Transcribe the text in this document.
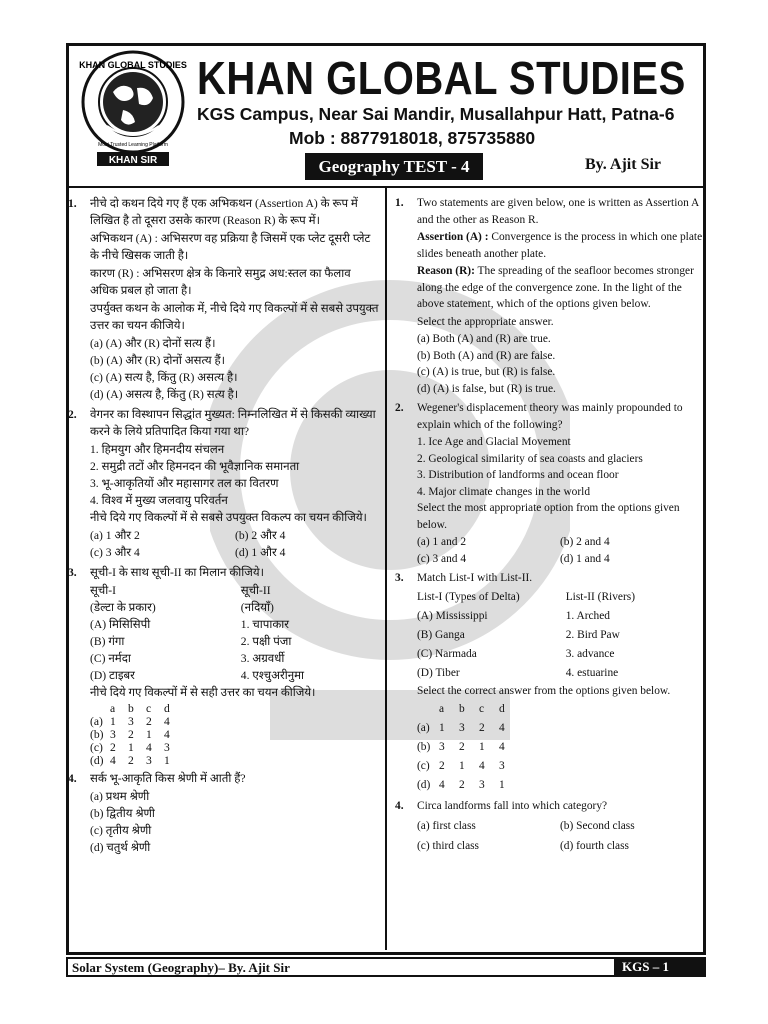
KHAN GLOBAL STUDIES
Most Trusted Learning Platform
KHAN SIR
KHAN GLOBAL STUDIES
KGS Campus, Near Sai Mandir, Musallahpur Hatt, Patna-6
Mob : 8877918018, 875735880
Geography TEST - 4	By. Ajit Sir
1. नीचे दो कथन दिये गए हैं एक अभिकथन (Assertion A) के रूप में लिखित है तो दूसरा उसके कारण (Reason R) के रूप में।
अभिकथन (A) : अभिसरण वह प्रक्रिया है जिसमें एक प्लेट दूसरी प्लेट के नीचे खिसक जाती है।
कारण (R) : अभिसरण क्षेत्र के किनारे समुद्र अध:स्तल का फैलाव अधिक प्रबल हो जाता है।
उपर्युक्त कथन के आलोक में, नीचे दिये गए विकल्पों में से सबसे उपयुक्त उत्तर का चयन कीजिये।
(a) (A) और (R) दोनों सत्य हैं।
(b) (A) और (R) दोनों असत्य हैं।
(c) (A) सत्य है, किंतु (R) असत्य है।
(d) (A) असत्य है, किंतु (R) सत्य है।
2. वेगनर का विस्थापन सिद्धांत मुख्यत: निम्नलिखित में से किसकी व्याख्या करने के लिये प्रतिपादित किया गया था?
1. हिमयुग और हिमनदीय संचलन
2. समुद्री तटों और हिमनदन की भूवैज्ञानिक समानता
3. भू-आकृतियों और महासागर तल का वितरण
4. विश्व में मुख्य जलवायु परिवर्तन
नीचे दिये गए विकल्पों में से सबसे उपयुक्त विकल्प का चयन कीजिये।
(a) 1 और 2	(b) 2 और 4
(c) 3 और 4	(d) 1 और 4
3. सूची-I के साथ सूची-II का मिलान कीजिये।
सूची-I	सूची-II
(डेल्टा के प्रकार)	(नदियाँ)
(A) मिसिसिपी	1. चापाकार
(B) गंगा	2. पक्षी पंजा
(C) नर्मदा	3. अग्रवर्धी
(D) टाइबर	4. एश्चुअरीनुमा
नीचे दिये गए विकल्पों में से सही उत्तर का चयन कीजिये।
a	b	c	d
(a) 1	3	2	4
(b) 3	2	1	4
(c) 2	1	4	3
(d) 4	2	3	1
4. सर्क भू-आकृति किस श्रेणी में आती हैं?
(a) प्रथम श्रेणी
(b) द्वितीय श्रेणी
(c) तृतीय श्रेणी
(d) चतुर्थ श्रेणी
1. Two statements are given below, one is written as Assertion A and the other as Reason R.
Assertion (A) : Convergence is the process in which one plate slides beneath another plate.
Reason (R): The spreading of the seafloor becomes stronger along the edge of the convergence zone. In the light of the above statement, which of the options given below.
Select the appropriate answer.
(a) Both (A) and (R) are true.
(b) Both (A) and (R) are false.
(c) (A) is true, but (R) is false.
(d) (A) is false, but (R) is true.
2. Wegener's displacement theory was mainly propounded to explain which of the following?
1. Ice Age and Glacial Movement
2. Geological similarity of sea coasts and glaciers
3. Distribution of landforms and ocean floor
4. Major climate changes in the world
Select the most appropriate option from the options given below.
(a) 1 and 2	(b) 2 and 4
(c) 3 and 4	(d) 1 and 4
3. Match List-I with List-II.
List-I (Types of Delta)	List-II (Rivers)
(A) Mississippi	1. Arched
(B) Ganga	2. Bird Paw
(C) Narmada	3. advance
(D) Tiber	4. estuarine
Select the correct answer from the options given below.
a	b	c	d
(a) 1	3	2	4
(b) 3	2	1	4
(c) 2	1	4	3
(d) 4	2	3	1
4. Circa landforms fall into which category?
(a) first class	(b) Second class
(c) third class	(d) fourth class
Solar System (Geography)– By. Ajit Sir	KGS – 1
